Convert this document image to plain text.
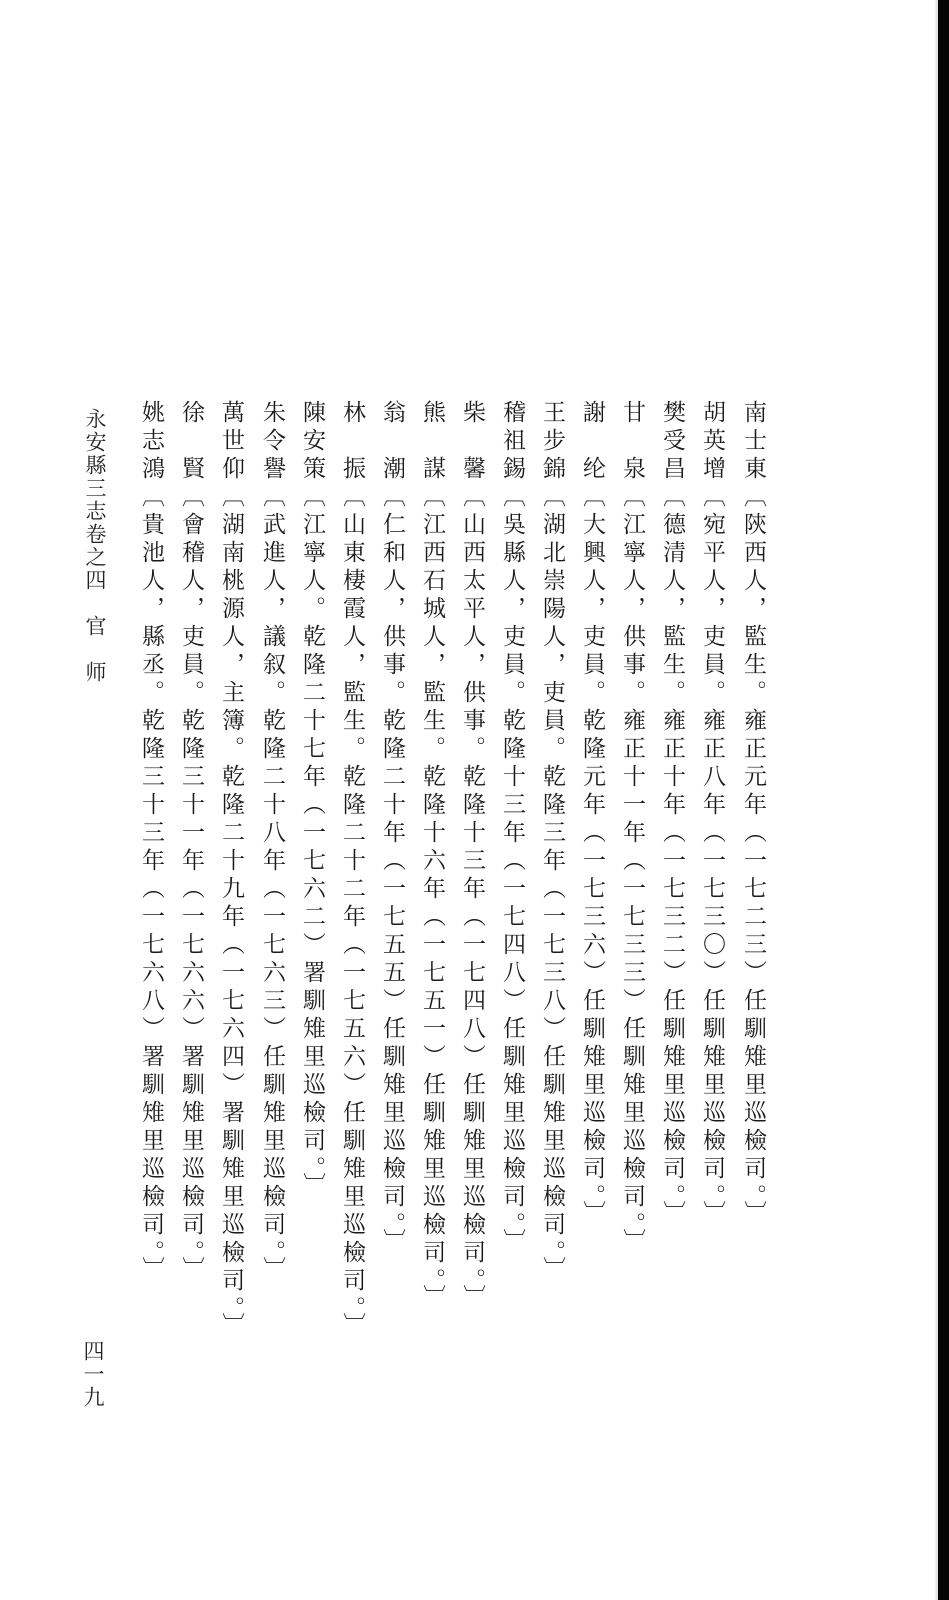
南士東〔陝西人，監生。雍正元年（一七二三）任馴雉里巡檢司。〕
胡英增〔宛平人，吏員。雍正八年（一七三〇）任馴雉里巡檢司。〕
樊受昌〔德清人，監生。雍正十年（一七三二）任馴雉里巡檢司。〕
甘　泉〔江寧人，供事。雍正十一年（一七三三）任馴雉里巡檢司。〕
謝　纶〔大興人，吏員。乾隆元年（一七三六）任馴雉里巡檢司。〕
王步錦〔湖北崇陽人，吏員。乾隆三年（一七三八）任馴雉里巡檢司。〕
稽祖錫〔吳縣人，吏員。乾隆十三年（一七四八）任馴雉里巡檢司。〕
柴　馨〔山西太平人，供事。乾隆十三年（一七四八）任馴雉里巡檢司。〕
熊　謀〔江西石城人，監生。乾隆十六年（一七五一）任馴雉里巡檢司。〕
翁　潮〔仁和人，供事。乾隆二十年（一七五五）任馴雉里巡檢司。〕
林　振〔山東棲霞人，監生。乾隆二十二年（一七五六）任馴雉里巡檢司。〕
陳安策〔江寧人。乾隆二十七年（一七六二）署馴雉里巡檢司。〕
朱令譽〔武進人，議叙。乾隆二十八年（一七六三）任馴雉里巡檢司。〕
萬世仰〔湖南桃源人，主簿。乾隆二十九年（一七六四）署馴雉里巡檢司。〕
徐　賢〔會稽人，吏員。乾隆三十一年（一七六六）署馴雉里巡檢司。〕
姚志鴻〔貴池人，縣丞。乾隆三十三年（一七六八）署馴雉里巡檢司。〕
永安縣三志卷之四　官　师
四一九
